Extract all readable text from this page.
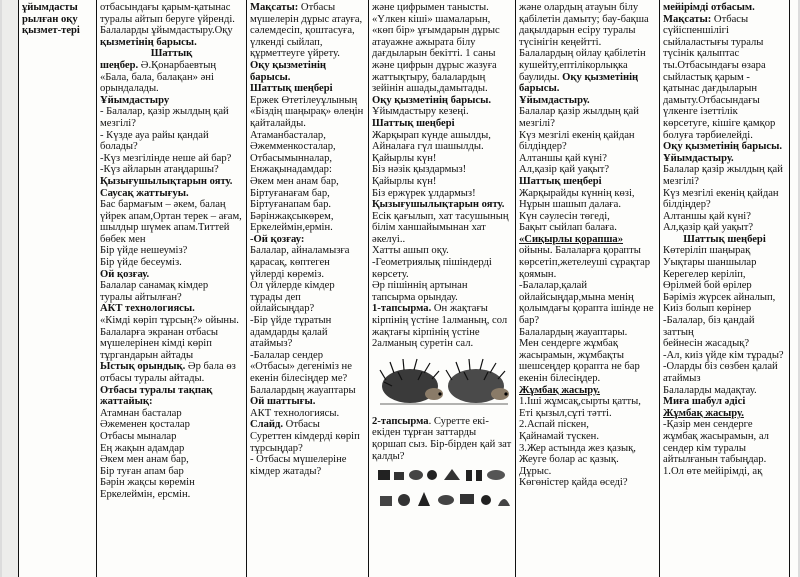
ұйымдасты рылған оқу қызмет-тері

отбасындағы қарым-қатынас туралы айтып беруге үйренді. Балаларды ұйымдастыру.Оқу

қызметінің барысы.

Шаттық

шеңбер. Ә.Қонарбаевтың «Бала, бала, балақан» әні орындалады.

Ұйымдастыру

- Балалар, қазір жылдың қай мезгілі?

- Күзде ауа райы қандай болады?

-Күз мезгілінде неше ай бар?

-Күз айларын атаңдаршы?

Қызығушылықтарын ояту.

Саусақ жаттығуы.

Бас бармағым – әкем, балаң үйрек апам,Ортан терек – ағам, шылдыр шүмек апам.Титтей бөбек мен

Бір үйде нешеуміз?

Бір үйде бесеуміз.

Ой қозғау.

Балалар санамақ кімдер туралы айтылған?

АКТ технологиясы.

«Кімді көріп тұрсың?» ойыны. Балаларға экранан отбасы мүшелерінен кімді көріп тұргандарын айтады

Ыстық орындық. Әр бала өз отбасы туралы айтады.

Отбасы туралы тақпақ жаттайық:

Атамнан басталар

Әжеменен қосталар

Отбасы мыналар

Ең жақын адамдар

Әкем мен анам бар,

Бір туған апам бар

Бәрін жақсы көремін

Еркелеймін, ерсмін.

Мақсаты: Отбасы мүшелерін дұрыс атауға, сәлемдесіп, қоштасуға, үлкенді сыйлап, құрметтеуге үйрету.

Оқу қызметінің барысы.

Шаттық шеңбері

Ержек Өтетілеуұлының «Біздің шаңырақ» өлеңін қайталайды.

Атаманбасталар,

Әжемменкосталар,

Отбасымынналар,

Енжақынадамдар:

Әкем мен анам бар,

Біртуғанағам бар,

Біртуғанапам бар.

Бәрінжақсыкөрем,

Еркелеймін,ермін.

-Ой қозғау:

Балалар, айналамызға қарасақ, көптеген үйлерді көреміз.

Ол үйлерде кімдер тұрады деп ойлайсыңдар?

-Бір үйде тұратын адамдарды қалай атаймыз?

-Балалар сендер «Отбасы» дегеніміз не екенін білесіңдер ме?

Балалардың жауаптары

Ой шаттығы.

АКТ технологиясы.

Слайд. Отбасы

Суреттен кімдерді көріп тұрсыңдар?

- Отбасы мүшелеріне кімдер жатады?

және цифрымен танысты.

«Үлкен кіші» шамаларын, «көп бір» ұғымдарын дұрыс атауажне ажырата білу дағдыларын бекітті. 1 саны және цифрын дұрыс жазуға жаттықтыру, балалардың зейінін ашады,дамытады.

Оқу қызметінің барысы.

Ұйымдастыру кезеңі.

Шаттық шеңбері

Жарқырап күнде ашылды,

Айналаға гүл шашылды.

Қайырлы күн!

Біз нәзік қыздармыз!

Қайырлы күн!

Біз ержүрек ұлдармыз!

Қызығушылықтарын ояту.

Есік қағылып, хат тасушының білім ханшайымынан хат әкелуі..

Хатты ашып оқу.

-Геометриялық пішіндерді көрсету.

Әр пішіннің артынан тапсырма орындау.

1-тапсырма. Он жақтағы кірпінің үстіне 1алманың, сол жақтағы кірпінің үстіне 2алманың суретін сал.

2-тапсырма. Суретте екі-екіден тұрған заттарды қоршап сыз. Бір-бірден қай зат қалды?

және олардың атауын білу қабілетін дамыту; бау-бақша дақылдарын есіру туралы түсінігін кеңейтті. Балалардың ойлау қабілетін

кушейту,ептілікорлықка баулиды. Оқу қызметінің барысы.

Ұйымдастыру.

Балалар қазір жылдың қай мезгілі?

Күз мезгілі екенің қайдан білдіңдер?

Алтаншы қай күні?

Ал,қазір қай уақыт?

Шаттық шеңбері

Жарқырайды күннің көзі,

Нұрын шашып далаға.

Күн сәулесін төгеді,

Бақыт сыйлап балаға.

«Сиқырлы қорапша» ойыны. Балаларға қорапты көрсетіп,жетелеуші сұрақтар қоямын.

-Балалар,қалай ойлайсыңдар,мына менің қолымдағы қорапта ішінде не бар?

Балалардың жауаптары.

Мен сендерге жұмбақ жасырамын, жұмбақты шешсеңдер қорапта не бар екенін білесіңдер.

Жұмбақ жасыру.

1.Іші жұмсақ,сырты қатты,

Еті қызыл,сұті тәтті.

2.Аспай піскен,

Қайнамай түскен.

3.Жер астында жез қазық,

Жеуге болар ас қазық.

Дұрыс.

Көгөністер қайда өседі?

мейірімді отбасым.

Мақсаты: Отбасы сүйіспеншілігі сыйлаластығы туралы түсінік қалыптас ты.Отбасындағы өзара сыйластық қарым - қатынас дағдыларын дамыту.Отбасындағы үлкенге ізеттілік көрсетуге, кішіге қамқор болуға тәрбиелейді.

Оқу қызметінің барысы.

Ұйымдастыру.

Балалар қазір жылдың қай мезгілі?

Күз мезгілі екенің қайдан білдіңдер?

Алтаншы қай күні?

Ал,қазір қай уақыт?

Шаттық шеңбері

Көтеріліп шаңырақ

Уықтары шаншылар

Керегелер керіліп,

Өрілмей бой өрілер

Бәрімiз жүрсек айналып,

Киіз болып көрінер

-Балалар, біз қандай заттың

бейнесін жасадық?

-Ал, киіз үйде кім тұрады?

-Оларды біз сөзбен қалай атаймыз

Балаларды мадақтау.

Миға шабул әдісі

Жұмбақ жасыру.

-Қазір мен сендерге жұмбақ жасырамын, ал сендер кім туралы айтылғанын табыңдар.

1.Ол өте мейірімді, ақ
